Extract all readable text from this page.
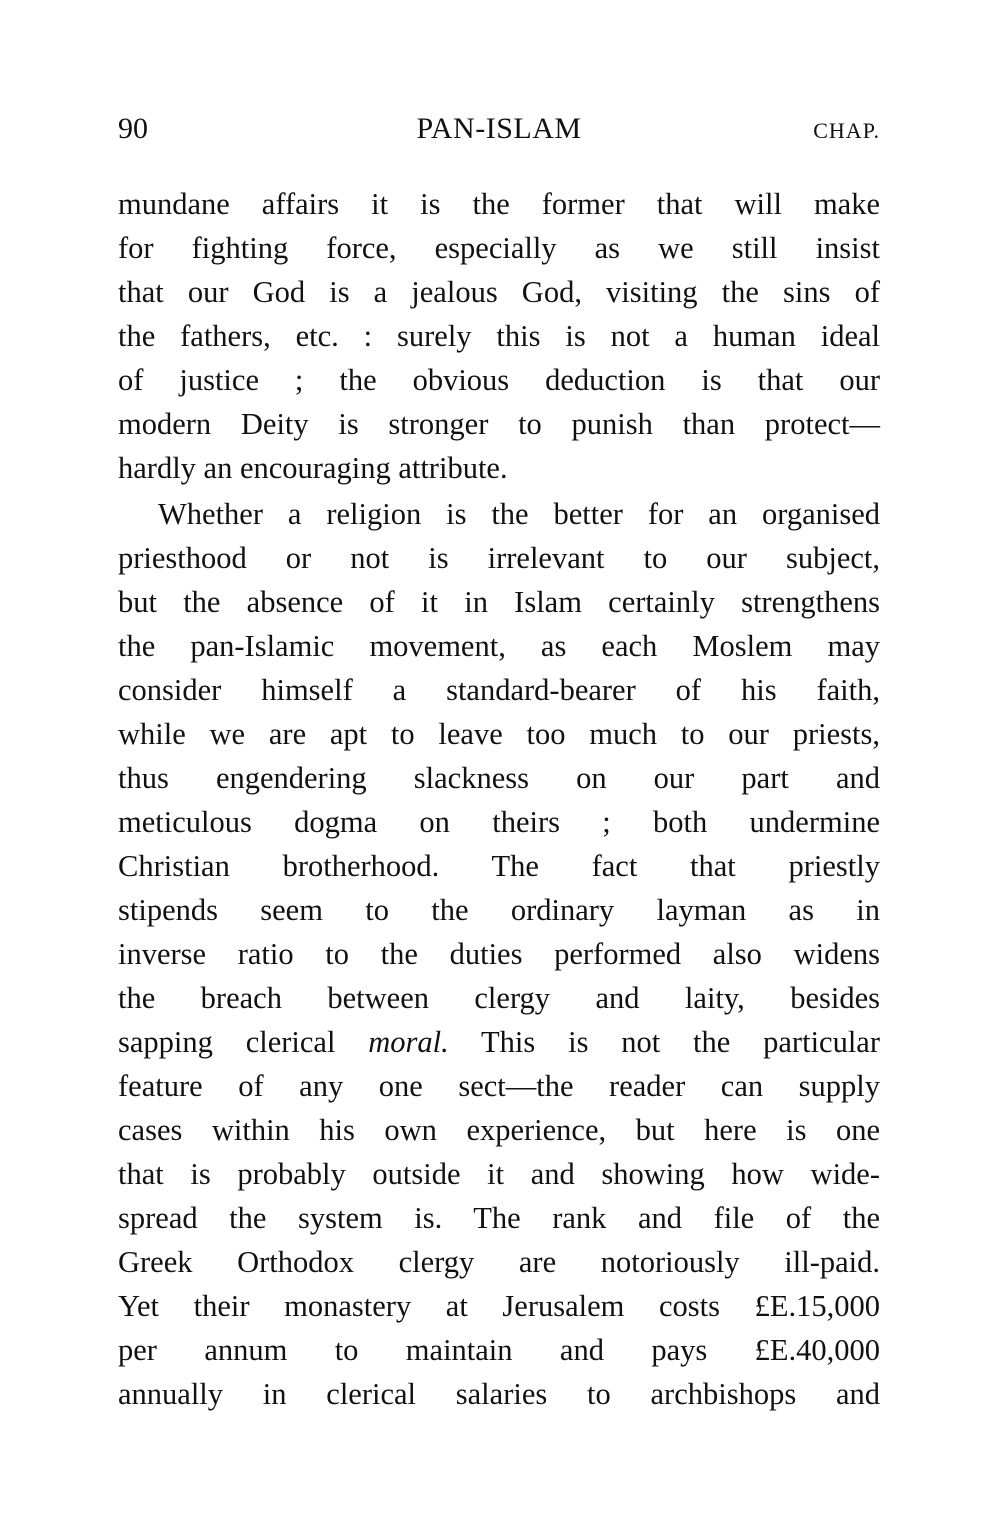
90	PAN-ISLAM	CHAP.
mundane affairs it is the former that will make
for fighting force, especially as we still insist
that our God is a jealous God, visiting the sins of
the fathers, etc. : surely this is not a human ideal
of justice ; the obvious deduction is that our
modern Deity is stronger to punish than protect—
hardly an encouraging attribute.
Whether a religion is the better for an organised
priesthood or not is irrelevant to our subject,
but the absence of it in Islam certainly strengthens
the pan-Islamic movement, as each Moslem may
consider himself a standard-bearer of his faith,
while we are apt to leave too much to our priests,
thus engendering slackness on our part and
meticulous dogma on theirs ; both undermine
Christian brotherhood. The fact that priestly
stipends seem to the ordinary layman as in
inverse ratio to the duties performed also widens
the breach between clergy and laity, besides
sapping clerical moral. This is not the particular
feature of any one sect—the reader can supply
cases within his own experience, but here is one
that is probably outside it and showing how wide-
spread the system is. The rank and file of the
Greek Orthodox clergy are notoriously ill-paid.
Yet their monastery at Jerusalem costs £E.15,000
per annum to maintain and pays £E.40,000
annually in clerical salaries to archbishops and
